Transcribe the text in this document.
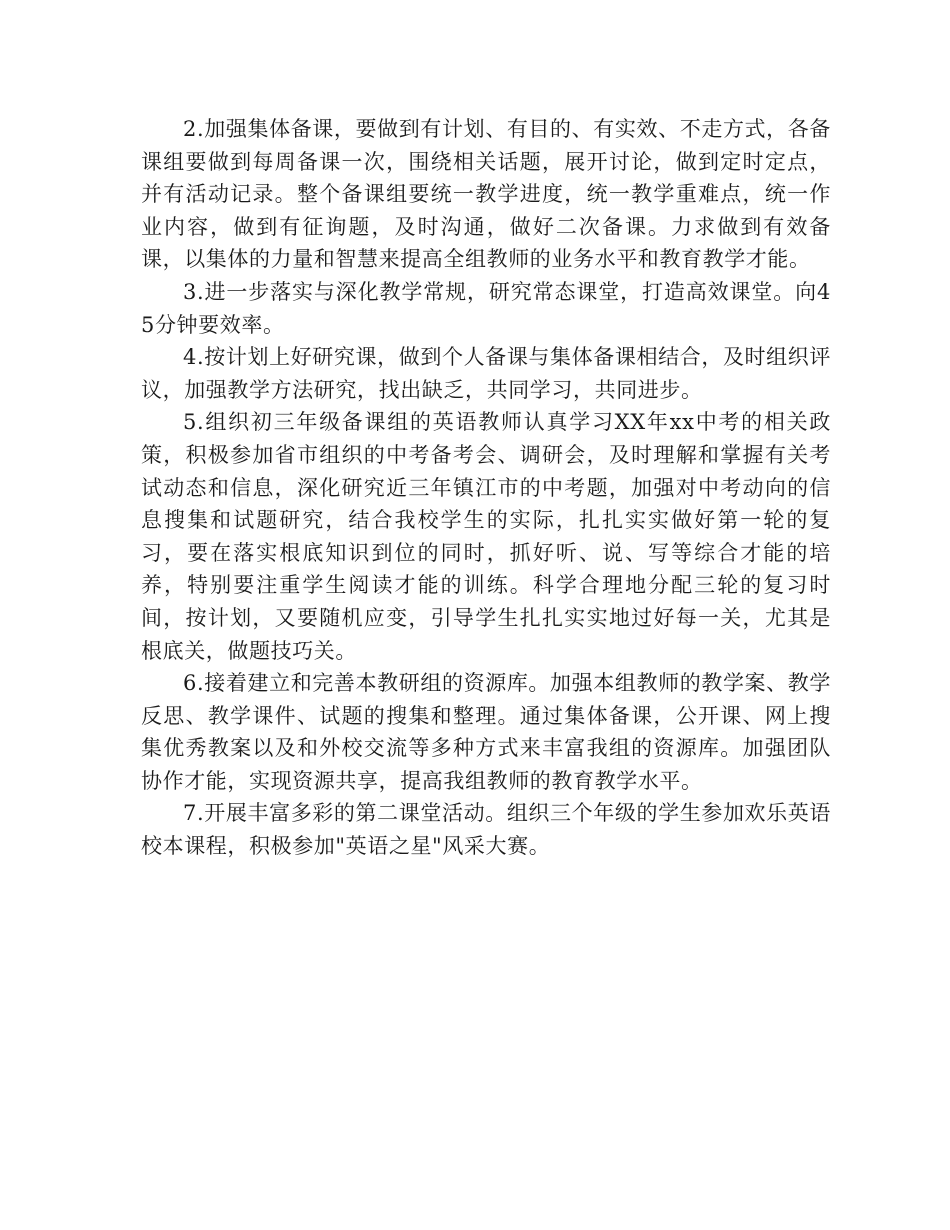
2.加强集体备课，要做到有计划、有目的、有实效、不走方式，各备课组要做到每周备课一次，围绕相关话题，展开讨论，做到定时定点，并有活动记录。整个备课组要统一教学进度，统一教学重难点，统一作业内容，做到有征询题，及时沟通，做好二次备课。力求做到有效备课，以集体的力量和智慧来提高全组教师的业务水平和教育教学才能。

3.进一步落实与深化教学常规，研究常态课堂，打造高效课堂。向45分钟要效率。

4.按计划上好研究课，做到个人备课与集体备课相结合，及时组织评议，加强教学方法研究，找出缺乏，共同学习，共同进步。

5.组织初三年级备课组的英语教师认真学习XX年xx中考的相关政策，积极参加省市组织的中考备考会、调研会，及时理解和掌握有关考试动态和信息，深化研究近三年镇江市的中考题，加强对中考动向的信息搜集和试题研究，结合我校学生的实际，扎扎实实做好第一轮的复习，要在落实根底知识到位的同时，抓好听、说、写等综合才能的培养，特别要注重学生阅读才能的训练。科学合理地分配三轮的复习时间，按计划，又要随机应变，引导学生扎扎实实地过好每一关，尤其是根底关，做题技巧关。

6.接着建立和完善本教研组的资源库。加强本组教师的教学案、教学反思、教学课件、试题的搜集和整理。通过集体备课，公开课、网上搜集优秀教案以及和外校交流等多种方式来丰富我组的资源库。加强团队协作才能，实现资源共享，提高我组教师的教育教学水平。

7.开展丰富多彩的第二课堂活动。组织三个年级的学生参加欢乐英语校本课程，积极参加"英语之星"风采大赛。
